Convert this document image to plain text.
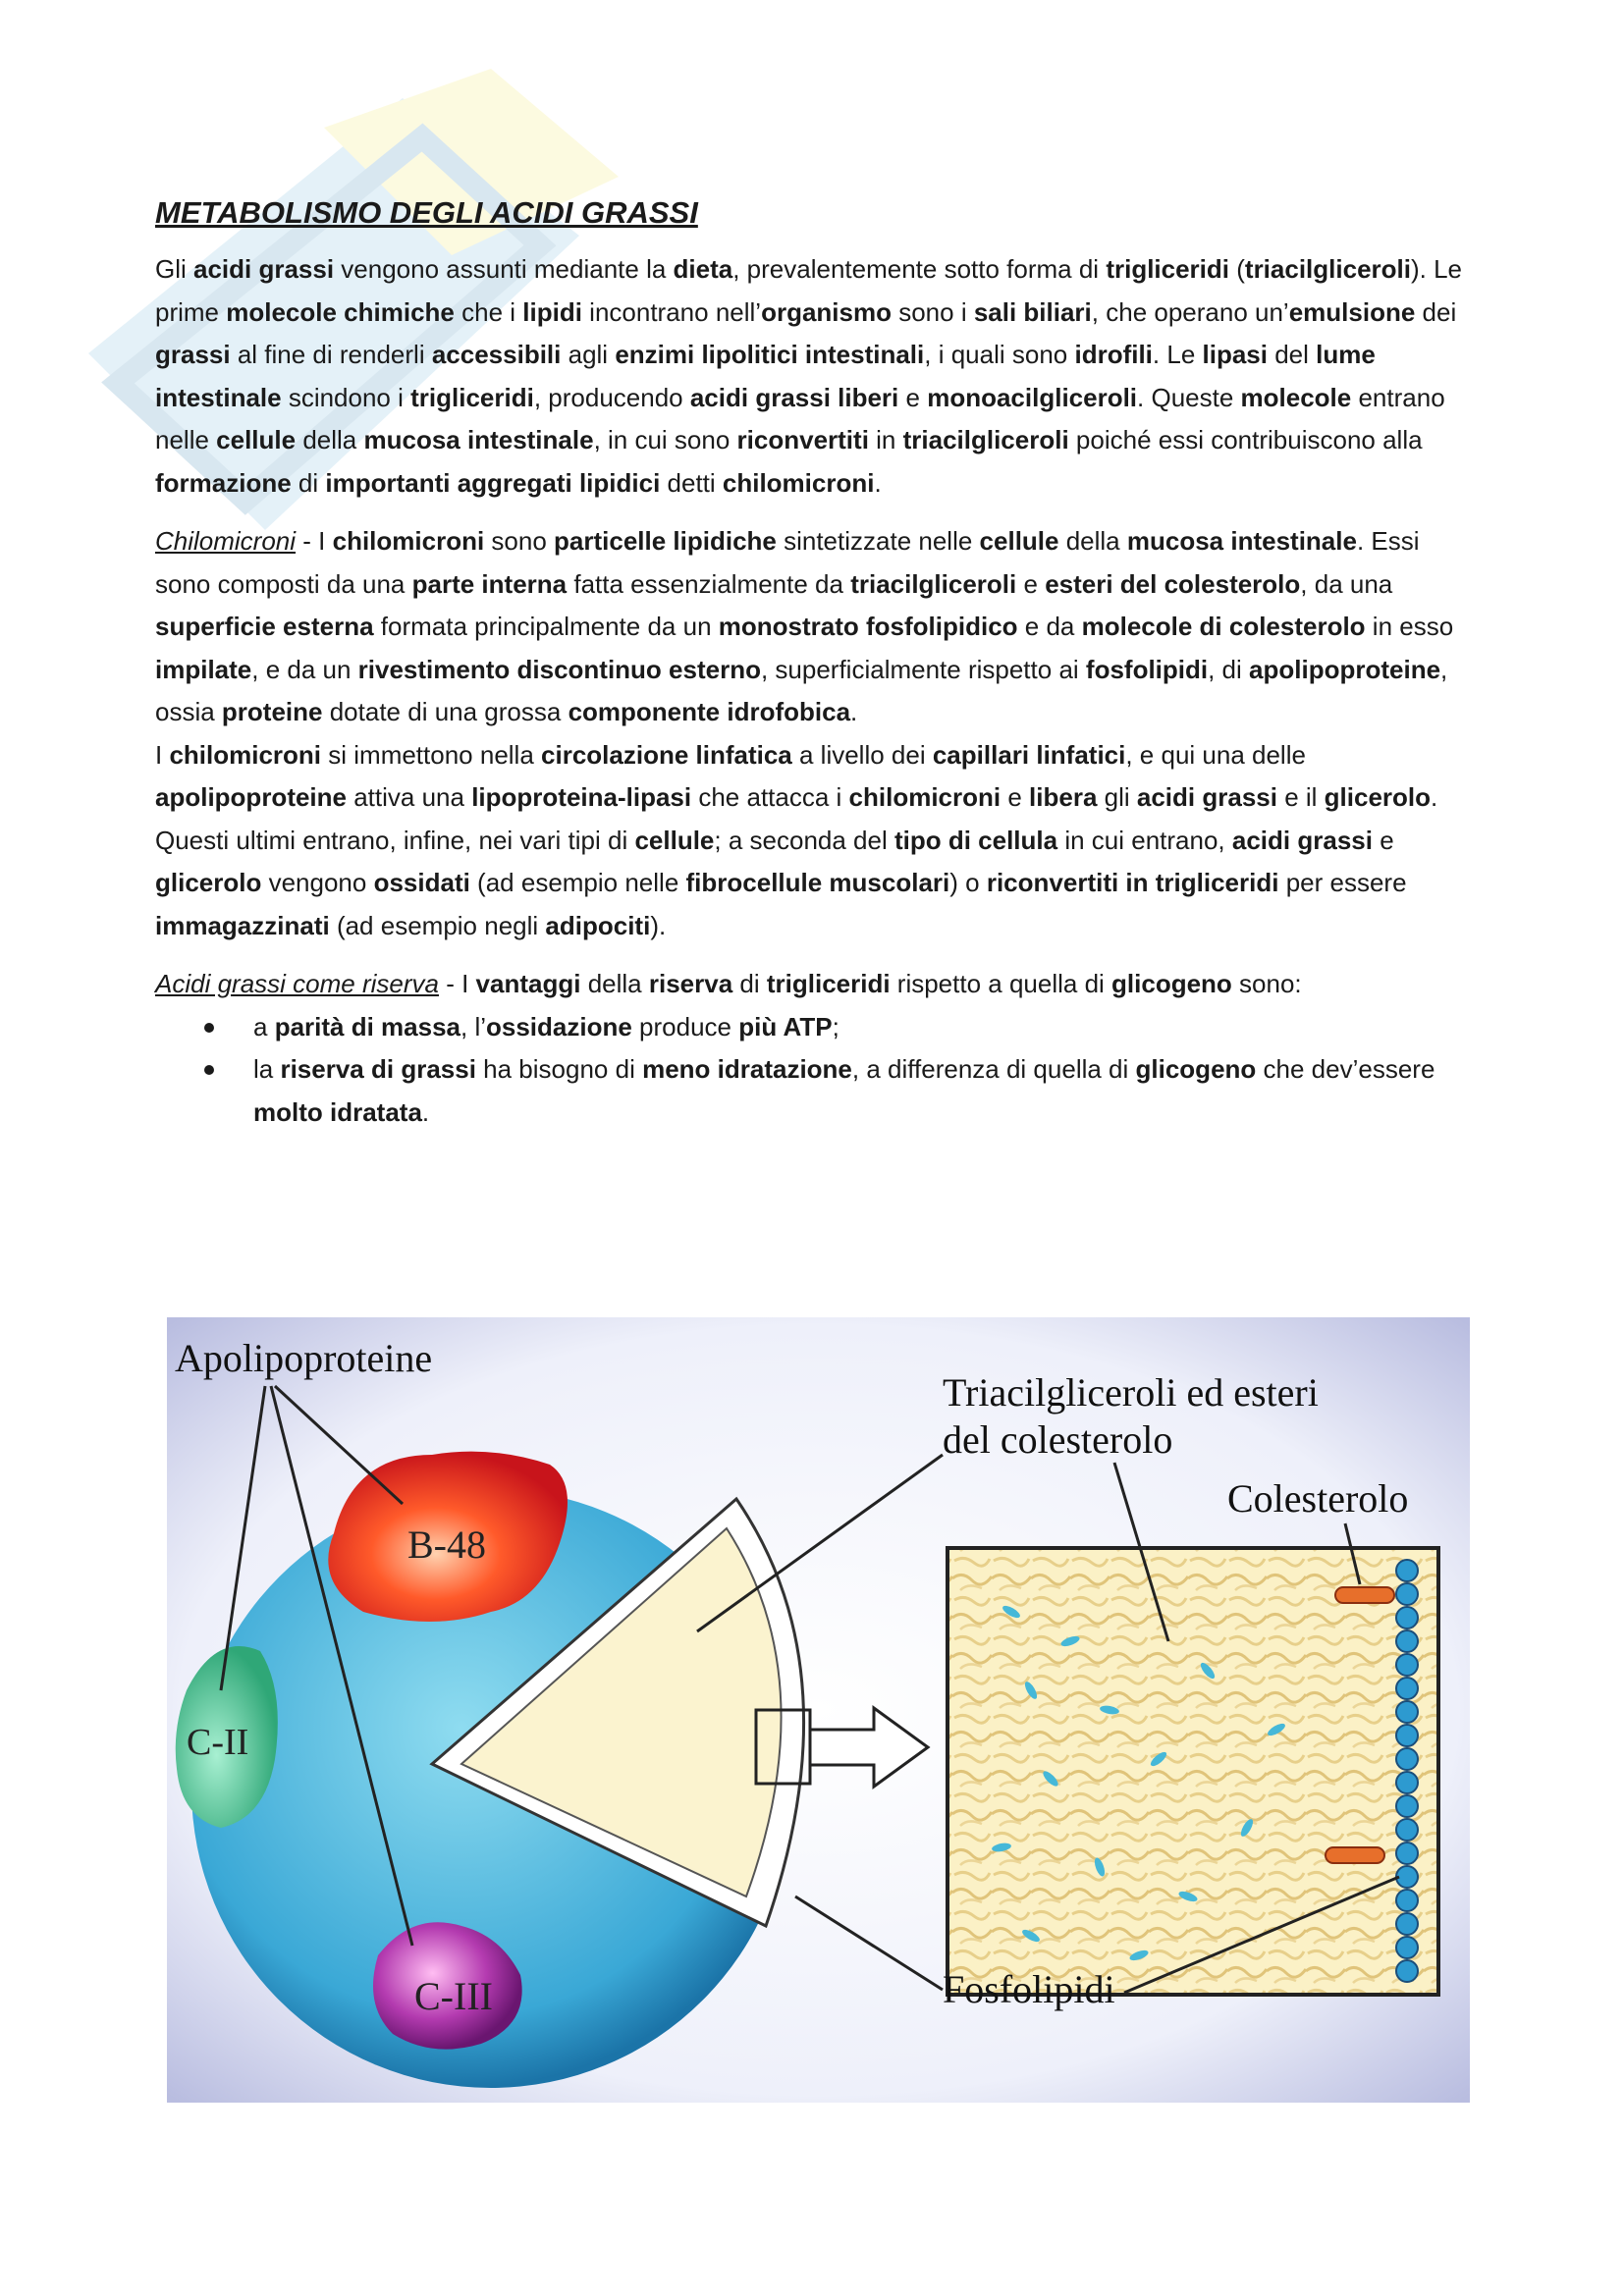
METABOLISMO DEGLI ACIDI GRASSI

Gli acidi grassi vengono assunti mediante la dieta, prevalentemente sotto forma di trigliceridi (triacilgliceroli). Le prime molecole chimiche che i lipidi incontrano nell’organismo sono i sali biliari, che operano un’emulsione dei grassi al fine di renderli accessibili agli enzimi lipolitici intestinali, i quali sono idrofili. Le lipasi del lume intestinale scindono i trigliceridi, producendo acidi grassi liberi e monoacilgliceroli. Queste molecole entrano nelle cellule della mucosa intestinale, in cui sono riconvertiti in triacilglicerol​i poiché essi contribuiscono alla formazione di importanti aggregati lipidici detti chilomicroni.

Chilomicroni - I chilomicroni sono particelle lipidiche sintetizzate nelle cellule della mucosa intestinale. Essi sono composti da una parte interna fatta essenzialmente da triacilglicerol​i e esteri del colesterolo, da una superficie esterna formata principalmente da un monostrato fosfolipidico e da molecole di colesterolo in esso impilate, e da un rivestimento discontinuo esterno, superficialmente rispetto ai fosfolipidi, di apolipoproteine, ossia proteine dotate di una grossa componente idrofobica.

I chilomicroni si immettono nella circolazione linfatica a livello dei capillari linfatici, e qui una delle apolipoproteine attiva una lipoproteina-lipasi che attacca i chilomicroni e libera gli acidi grassi e il glicerolo. Questi ultimi entrano, infine, nei vari tipi di cellule; a seconda del tipo di cellula in cui entrano, acidi grassi e glicerolo vengono ossidati (ad esempio nelle fibrocellule muscolari) o riconvertiti in trigliceridi per essere immagazzinati (ad esempio negli adipociti).

Acidi grassi come riserva - I vantaggi della riserva di trigliceridi rispetto a quella di glicogeno sono:

a parità di massa, l’ossidazione produce più ATP;
la riserva di grassi ha bisogno di meno idratazione, a differenza di quella di glicogeno che dev’essere molto idratata.
Apolipoproteine
B-48
C-II
C-III
Triacilglicerol​i ed esteri
del colesterolo
Colesterolo
Fosfolipidi
